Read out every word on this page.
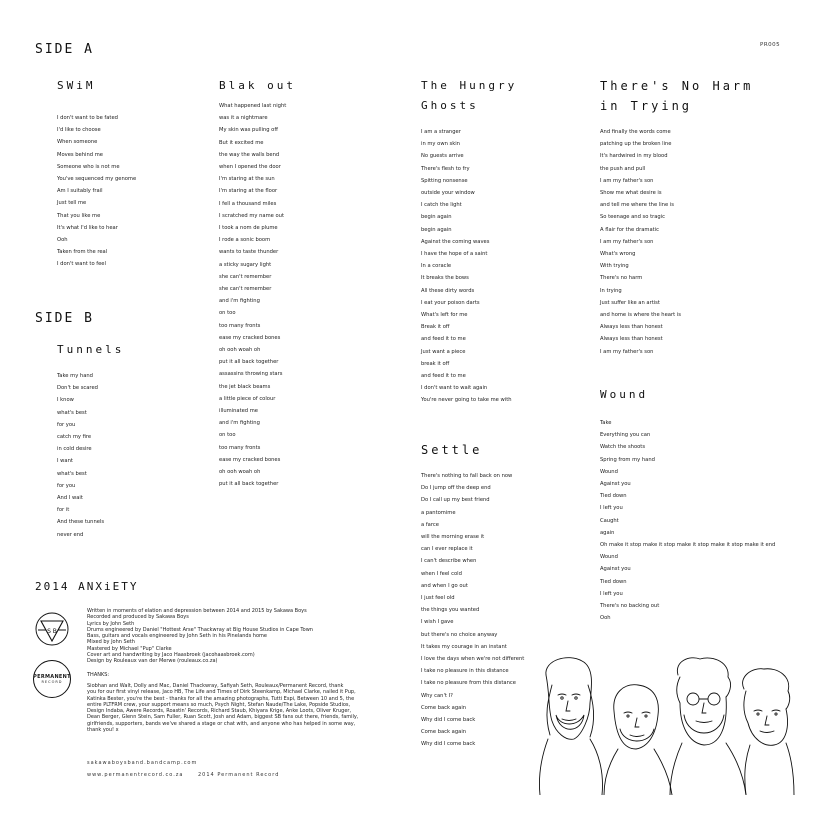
PR005
SIDE A
SWiM
I don't want to be fated
I'd like to choose
When someone
Moves behind me
Someone who is not me
You've sequenced my genome
Am I suitably frail
Just tell me
That you like me
It's what I'd like to hear
Ooh
Taken from the real
I don't want to feel
Blak out
What happened last night
was it a nightmare
My skin was pulling off
But it excited me
the way the walls bend
when I opened the door
I'm staring at the sun
I'm staring at the floor
I fell a thousand miles
I scratched my name out
I took a nom de plume
I rode a sonic boom
wants to taste thunder
a sticky sugary light
she can't remember
she can't remember
and i'm fighting
on too
too many fronts
ease my cracked bones
oh ooh woah oh
put it all back together
assassins throwing stars
the jet black beams
a little piece of colour
illuminated me
and i'm fighting
on too
too many fronts
ease my cracked bones
oh ooh woah oh
put it all back together
The Hungry
Ghosts
I am a stranger
in my own skin
No guests arrive
There's flesh to fry
Spitting nonsense
outside your window
I catch the light
begin again
begin again
Against the coming waves
I have the hope of a saint
In a coracle
It breaks the bows
All these dirty words
I eat your poison darts
What's left for me
Break it off
and feed it to me
Just want a piece
break it off
and feed it to me
I don't want to wait again
You're never going to take me with
There's No Harm
in Trying
And finally the words come
patching up the broken line
It's hardwired in my blood
the push and pull
I am my father's son
Show me what desire is
and tell me where the line is
So teenage and so tragic
A flair for the dramatic
I am my father's son
What's wrong
With trying
There's no harm
In trying
Just suffer like an artist
and home is where the heart is
Always less than honest
Always less than honest
I am my father's son
SIDE B
Tunnels
Take my hand
Don't be scared
I know
what's best
for you
catch my fire
in cold desire
I want
what's best
for you
And I wait
for it
And these tunnels
never end
Settle
There's nothing to fall back on now
Do I jump off the deep end
Do I call up my best friend
a pantomime
a farce
will the morning erase it
can I ever replace it
I can't describe when
when I feel cold
and when I go out
I just feel old
the things you wanted
I wish I gave
but there's no choice anyway
It takes my courage in an instant
I love the days when we're not different
I take no pleasure in this distance
I take no pleasure from this distance
Why can't I?
Come back again
Why did I come back
Come back again
Why did I come back
Wound
Take
Everything you can
Watch the shoots
Spring from my hand
Wound
Against you
Tied down
I left you
Caught
again
Oh make it stop make it stop make it stop make it stop make it end
Wound
Against you
Tied down
I left you
There's no backing out
Ooh
2014 ANXiETY
S B
PERMANENT
RECORD

Written in moments of elation and depression between 2014 and 2015 by Sakawa Boys

Recorded and produced by Sakawa Boys

Lyrics by John Seth

Drums engineered by Daniel "Hottest Arse" Thackwray at Big House Studios in Cape Town

Bass, guitars and vocals engineered by John Seth in his Pinelands home

Mixed by John Seth

Mastered by Michael "Pup" Clarke

Cover art and handwriting by Jaco Haasbroek (jacohaasbroek.com)

Design by Rouleaux van der Merwe (rouleaux.co.za)

THANKS:

Siobhan and Walt, Dolly and Mac, Daniel Thackwray, Safiyah Seth, Rouleaux/Permanent Record, thank

you for our first vinyl release, Jaco HB, The Life and Times of Dirk Steenkamp, Michael Clarke, nailed it Pup,

Katinka Bester, you're the best - thanks for all the amazing photographs, Tutti Espi, Between 10 and 5, the

entire PLTFRM crew, your support means so much, Psych Night, Stefan Naude/The Lake, Popside Studios,

Design Indaba, Awere Records, Roastin' Records, Richard Staub, Khiyara Krige, Anke Loots, Oliver Kruger,

Dean Berger, Glenn Stein, Sam Fuller, Ruan Scott, Josh and Adam, biggest SB fans out there, friends, family,

girlfriends, supporters, bands we've shared a stage or chat with, and anyone who has helped in some way,

thank you! x

sakawaboysband.bandcamp.com
www.permanentrecord.co.za	2014 Permanent Record
